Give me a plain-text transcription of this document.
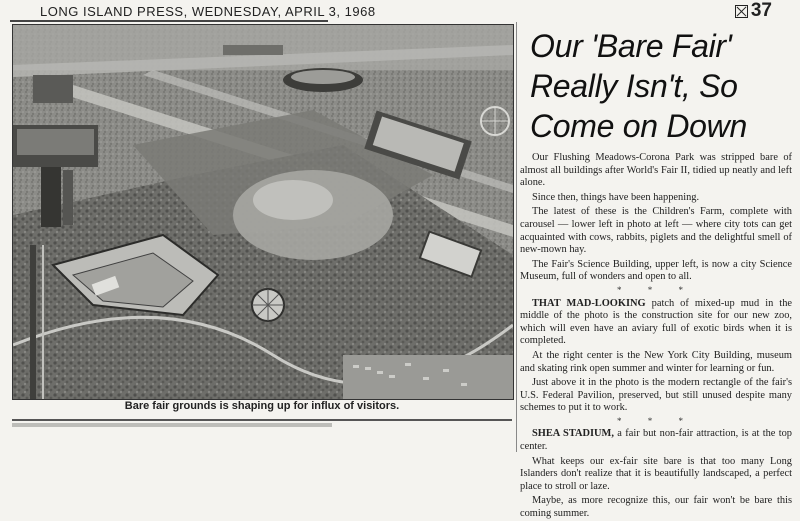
LONG ISLAND PRESS, WEDNESDAY, APRIL 3, 1968	37
Bare fair grounds is shaping up for influx of visitors.
Our 'Bare Fair'
Really Isn't, So
Come on Down

Our Flushing Meadows-Corona Park was stripped bare of almost all buildings after World's Fair II, tidied up neatly and left alone.

Since then, things have been happening.

The latest of these is the Children's Farm, complete with carousel — lower left in photo at left — where city tots can get acquainted with cows, rabbits, piglets and the delightful smell of new-mown hay.

The Fair's Science Building, upper left, is now a city Science Museum, full of wonders and open to all.

* * *

THAT MAD-LOOKING patch of mixed-up mud in the middle of the photo is the construction site for our new zoo, which will even have an aviary full of exotic birds when it is completed.

At the right center is the New York City Building, museum and skating rink open summer and winter for learning or fun.

Just above it in the photo is the modern rectangle of the fair's U.S. Federal Pavilion, preserved, but still unused despite many schemes to put it to work.

* * *

SHEA STADIUM, a fair but non-fair attraction, is at the top center.

What keeps our ex-fair site bare is that too many Long Islanders don't realize that it is beautifully landscaped, a perfect place to stroll or laze.

Maybe, as more recognize this, our fair won't be bare this coming summer.
